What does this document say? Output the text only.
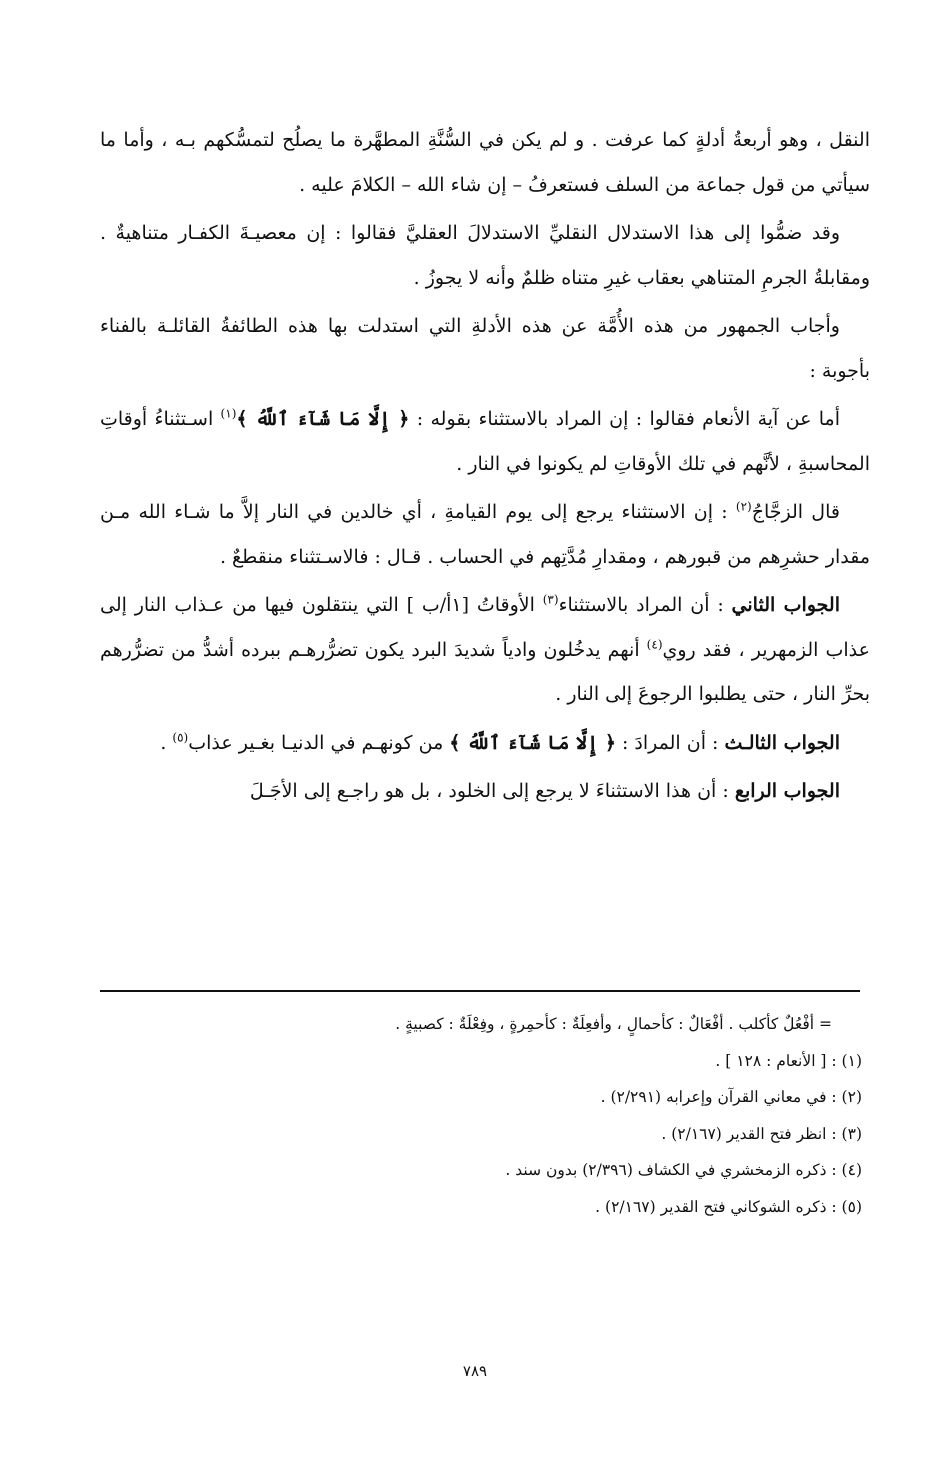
النقل ، وهو أربعةُ أدلةٍ كما عرفت . و لم يكن في السُّنَّةِ المطهَّرة ما يصلُح لتمسُّكهم بـه ، وأما ما سيأتي من قول جماعة من السلف فستعرفُ – إن شاء الله – الكلامَ عليه .

وقد ضمُّوا إلى هذا الاستدلال النقليِّ الاستدلالَ العقليَّ فقالوا : إن معصيـةَ الكفـار متناهيةٌ . ومقابلةُ الجرمِ المتناهي بعقاب غيرِ متناه ظلمٌ وأنه لا يجوزُ .

وأجاب الجمهور من هذه الأُمَّة عن هذه الأدلةِ التي استدلت بها هذه الطائفةُ القائلـة بالفناء بأجوبة :

أما عن آية الأنعام فقالوا : إن المراد بالاستثناء بقوله : ﴿ إِلَّا مَا شَآءَ ٱللَّهُ ﴾$^{(١)}$ اسـتثناءُ أوقاتِ المحاسبةِ ، لأنَّهم في تلك الأوقاتِ لم يكونوا في النار .

قال الزجَّاجُ$^{(٢)}$ : إن الاستثناء يرجع إلى يوم القيامةِ ، أي خالدين في النار إلاَّ ما شـاء الله مـن مقدار حشرِهم من قبورهم ، ومقدارِ مُدَّتِهم في الحساب . قـال : فالاسـتثناء منقطعٌ .

الجواب الثاني : أن المراد بالاستثناء$^{(٣)}$ الأوقاتُ [١أ/ب ] التي ينتقلون فيها من عـذاب النار إلى عذاب الزمهرير ، فقد روي$^{(٤)}$ أنهم يدخُلون وادياً شديدَ البرد يكون تضرُّرهـم ببرده أشدُّ من تضرُّرهم بحرِّ النار ، حتى يطلبوا الرجوعَ إلى النار .

الجواب الثالـث : أن المرادَ : ﴿ إِلَّا مَا شَآءَ ٱللَّهُ ﴾ من كونهـم في الدنيـا بغـير عذاب$^{(٥)}$ .

الجواب الرابع : أن هذا الاستثناءَ لا يرجع إلى الخلود ، بل هو راجـع إلى الأجَـلَ

= أفْعُلٌ كأكلب . أفْعَالٌ : كأحمالٍ ، وأفعِلَةٌ : كأحمِرةٍ ، وفِعْلَةٌ : كصبيةٍ .

(١) : [ الأنعام : ١٢٨ ] .

(٢) : في معاني القرآن وإعرابه (٢/٢٩١) .

(٣) : انظر فتح القدير (٢/١٦٧) .

(٤) : ذكره الزمخشري في الكشاف (٢/٣٩٦) بدون سند .

(٥) : ذكره الشوكاني فتح القدير (٢/١٦٧) .

٧٨٩
